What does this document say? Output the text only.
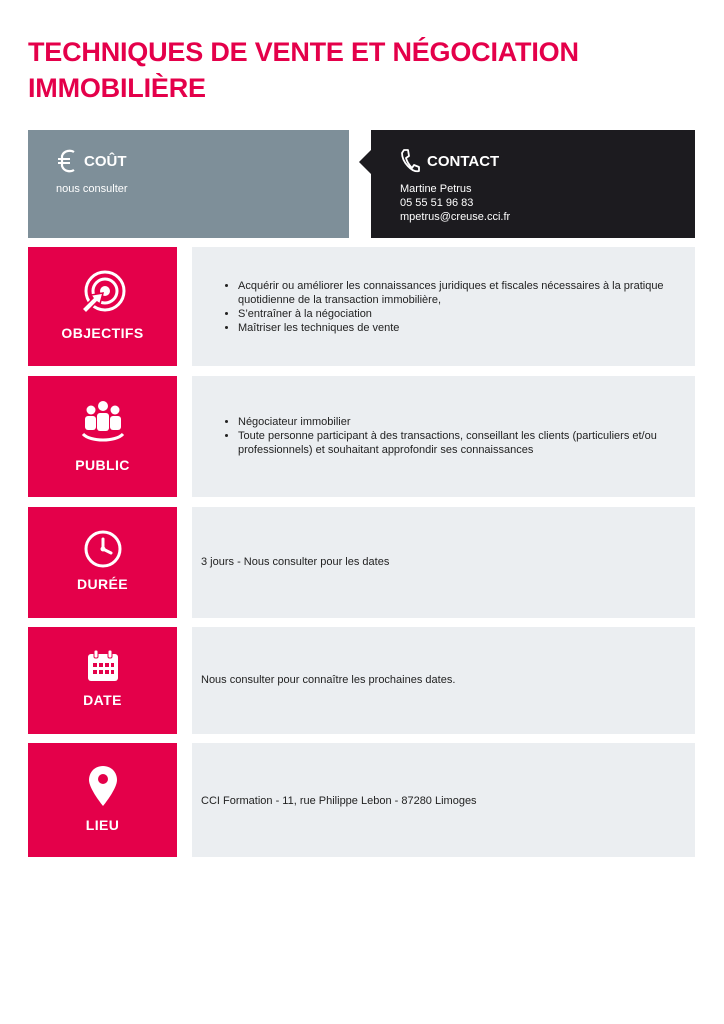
TECHNIQUES DE VENTE ET NÉGOCIATION
IMMOBILIÈRE
COÛT
nous consulter
CONTACT
Martine Petrus
05 55 51 96 83
mpetrus@creuse.cci.fr
OBJECTIFS
• Acquérir ou améliorer les connaissances juridiques et fiscales nécessaires à la pratique quotidienne de la transaction immobilière,
• S’entraîner à la négociation
• Maîtriser les techniques de vente
PUBLIC
• Négociateur immobilier
• Toute personne participant à des transactions, conseillant les clients (particuliers et/ou professionnels) et souhaitant approfondir ses connaissances
DURÉE
3 jours - Nous consulter pour les dates
DATE
Nous consulter pour connaître les prochaines dates.
LIEU
CCI Formation - 11, rue Philippe Lebon - 87280 Limoges
